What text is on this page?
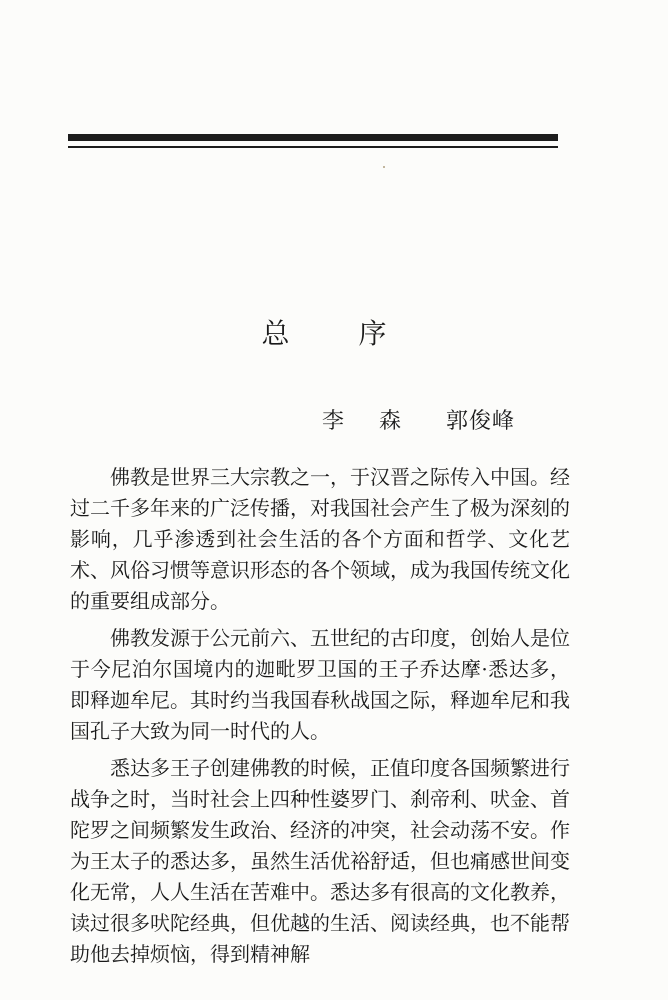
总 序
李 森 郭俊峰

佛教是世界三大宗教之一，于汉晋之际传入中国。经过二千多年来的广泛传播，对我国社会产生了极为深刻的影响，几乎渗透到社会生活的各个方面和哲学、文化艺术、风俗习惯等意识形态的各个领域，成为我国传统文化的重要组成部分。

佛教发源于公元前六、五世纪的古印度，创始人是位于今尼泊尔国境内的迦毗罗卫国的王子乔达摩·悉达多，即释迦牟尼。其时约当我国春秋战国之际，释迦牟尼和我国孔子大致为同一时代的人。

悉达多王子创建佛教的时候，正值印度各国频繁进行战争之时，当时社会上四种性婆罗门、刹帝利、吠金、首陀罗之间频繁发生政治、经济的冲突，社会动荡不安。作为王太子的悉达多，虽然生活优裕舒适，但也痛感世间变化无常，人人生活在苦难中。悉达多有很高的文化教养，读过很多吠陀经典，但优越的生活、阅读经典，也不能帮助他去掉烦恼，得到精神解
